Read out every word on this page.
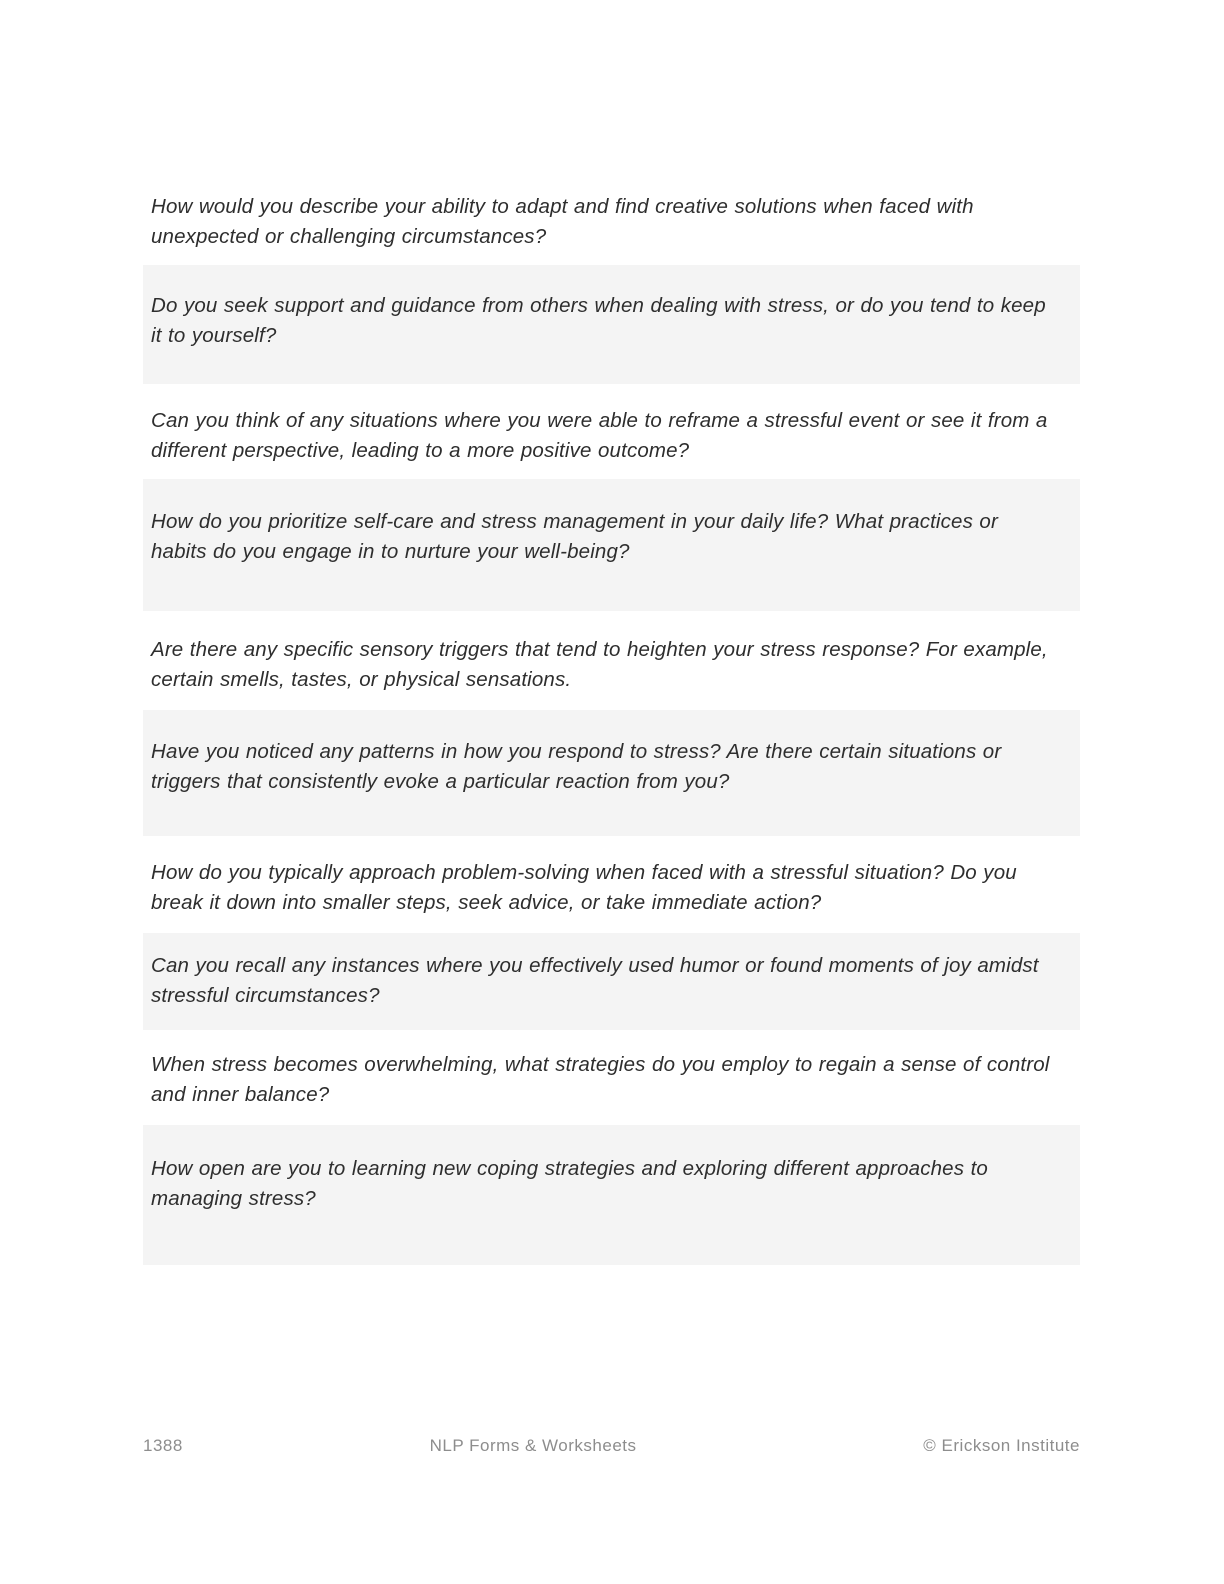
How would you describe your ability to adapt and find creative solutions when faced with unexpected or challenging circumstances?

Do you seek support and guidance from others when dealing with stress, or do you tend to keep it to yourself?

Can you think of any situations where you were able to reframe a stressful event or see it from a different perspective, leading to a more positive outcome?

How do you prioritize self-care and stress management in your daily life? What practices or habits do you engage in to nurture your well-being?

Are there any specific sensory triggers that tend to heighten your stress response? For example, certain smells, tastes, or physical sensations.

Have you noticed any patterns in how you respond to stress? Are there certain situations or triggers that consistently evoke a particular reaction from you?

How do you typically approach problem-solving when faced with a stressful situation? Do you break it down into smaller steps, seek advice, or take immediate action?

Can you recall any instances where you effectively used humor or found moments of joy amidst stressful circumstances?

When stress becomes overwhelming, what strategies do you employ to regain a sense of control and inner balance?

How open are you to learning new coping strategies and exploring different approaches to managing stress?

1388	NLP Forms & Worksheets	© Erickson Institute
